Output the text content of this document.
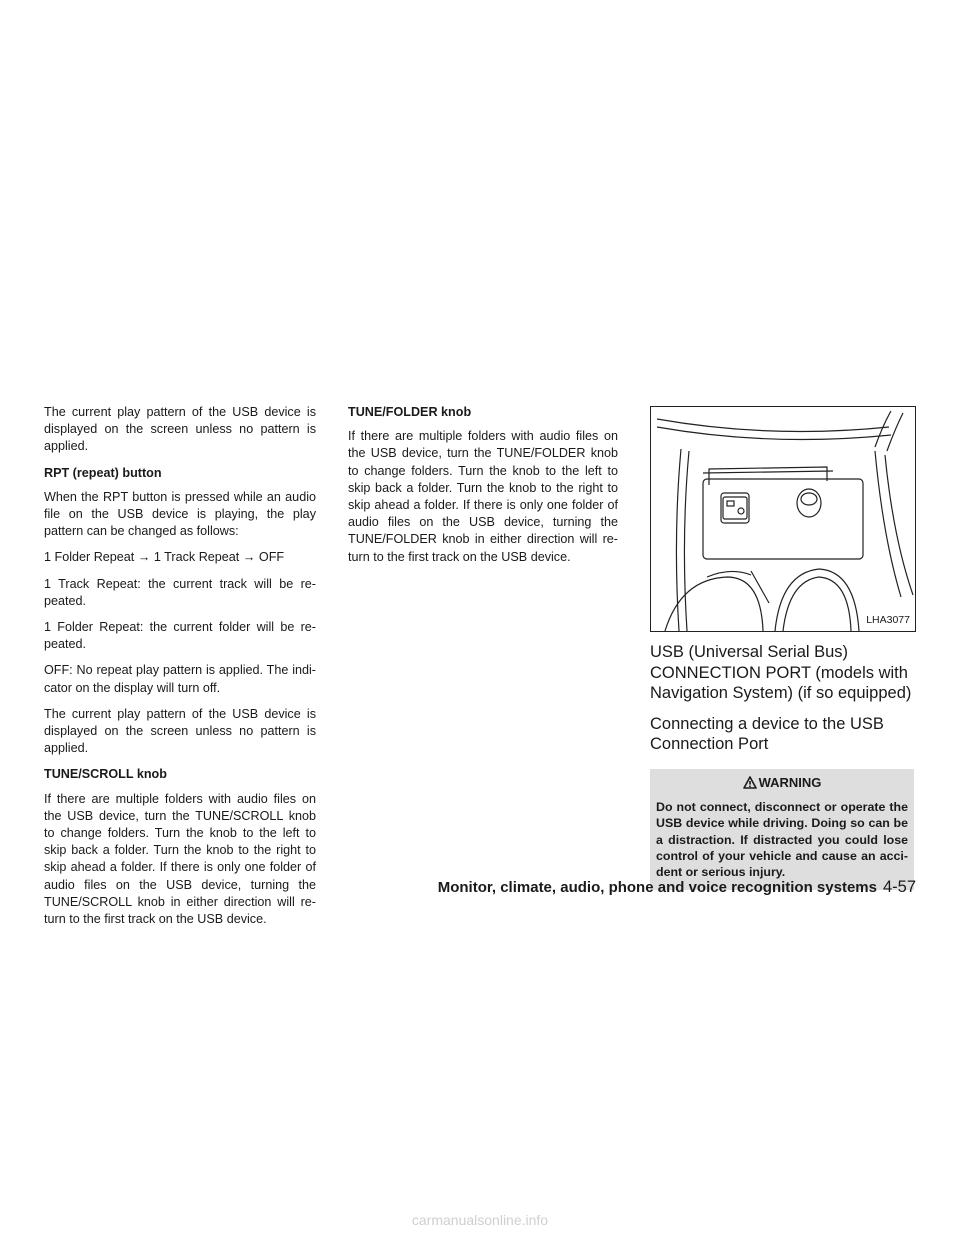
The current play pattern of the USB device is displayed on the screen unless no pattern is applied.

RPT (repeat) button

When the RPT button is pressed while an audio file on the USB device is playing, the play pattern can be changed as follows:

1 Folder Repeat → 1 Track Repeat → OFF

1 Track Repeat: the current track will be re-peated.

1 Folder Repeat: the current folder will be re-peated.

OFF: No repeat play pattern is applied. The indi-cator on the display will turn off.

The current play pattern of the USB device is displayed on the screen unless no pattern is applied.

TUNE/SCROLL knob

If there are multiple folders with audio files on the USB device, turn the TUNE/SCROLL knob to change folders. Turn the knob to the left to skip back a folder. Turn the knob to the right to skip ahead a folder. If there is only one folder of audio files on the USB device, turning the TUNE/SCROLL knob in either direction will re-turn to the first track on the USB device.

TUNE/FOLDER knob

If there are multiple folders with audio files on the USB device, turn the TUNE/FOLDER knob to change folders. Turn the knob to the left to skip back a folder. Turn the knob to the right to skip ahead a folder. If there is only one folder of audio files on the USB device, turning the TUNE/FOLDER knob in either direction will re-turn to the first track on the USB device.

LHA3077
USB (Universal Serial Bus) CONNECTION PORT (models with Navigation System) (if so equipped)
Connecting a device to the USB Connection Port
WARNING
Do not connect, disconnect or operate the USB device while driving. Doing so can be a distraction. If distracted you could lose control of your vehicle and cause an acci-dent or serious injury.
Monitor, climate, audio, phone and voice recognition systems 4-57
carmanualsonline.info
